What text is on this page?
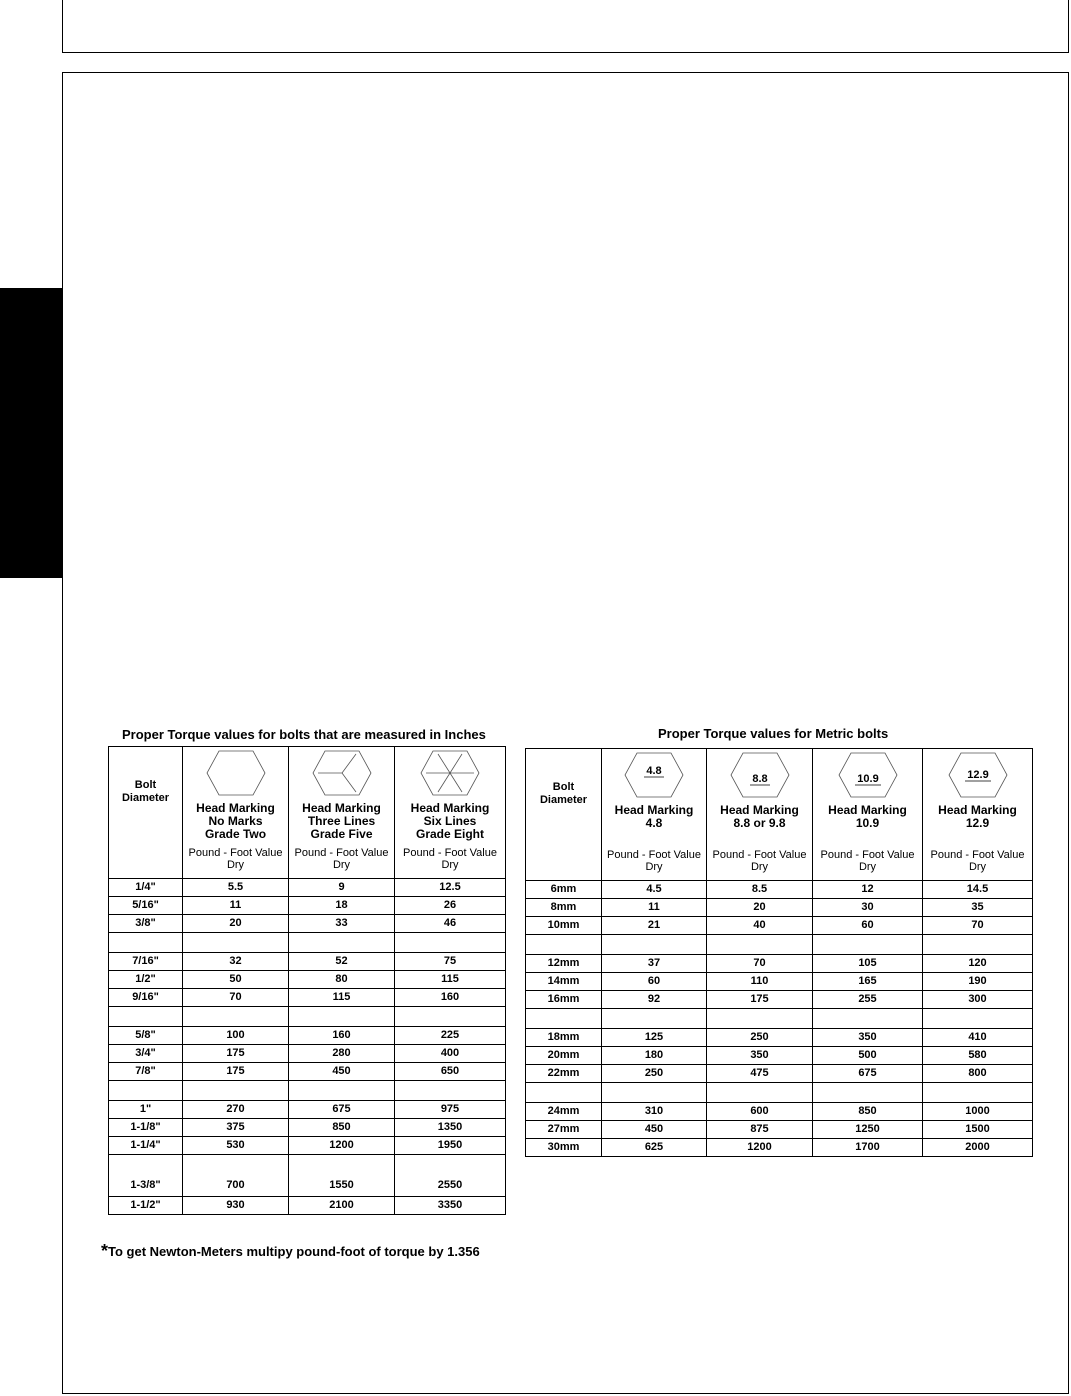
Proper Torque values for bolts that are measured in Inches	Proper Torque values for Metric bolts
Bolt
Diameter	Head Marking
No Marks
Grade Two
Pound - Foot Value
Dry	Head Marking
Three Lines
Grade Five
Pound - Foot Value
Dry	Head Marking
Six Lines
Grade Eight
Pound - Foot Value
Dry

1/4"	5.5	9	12.5
5/16"	11	18	26
3/8"	20	33	46

7/16"	32	52	75
1/2"	50	80	115
9/16"	70	115	160

5/8"	100	160	225
3/4"	175	280	400
7/8"	175	450	650

1"	270	675	975
1-1/8"	375	850	1350
1-1/4"	530	1200	1950
1-3/8"	700	1550	2550
1-1/2"	930	2100	3350
Bolt
Diameter	4.8
Head Marking
4.8
Pound - Foot Value
Dry	8.8
Head Marking
8.8 or 9.8
Pound - Foot Value
Dry	10.9
Head Marking
10.9
Pound - Foot Value
Dry	12.9
Head Marking
12.9
Pound - Foot Value
Dry

6mm	4.5	8.5	12	14.5
8mm	11	20	30	35
10mm	21	40	60	70

12mm	37	70	105	120
14mm	60	110	165	190
16mm	92	175	255	300

18mm	125	250	350	410
20mm	180	350	500	580
22mm	250	475	675	800

24mm	310	600	850	1000
27mm	450	875	1250	1500
30mm	625	1200	1700	2000
*To get Newton-Meters multipy pound-foot of torque by 1.356
